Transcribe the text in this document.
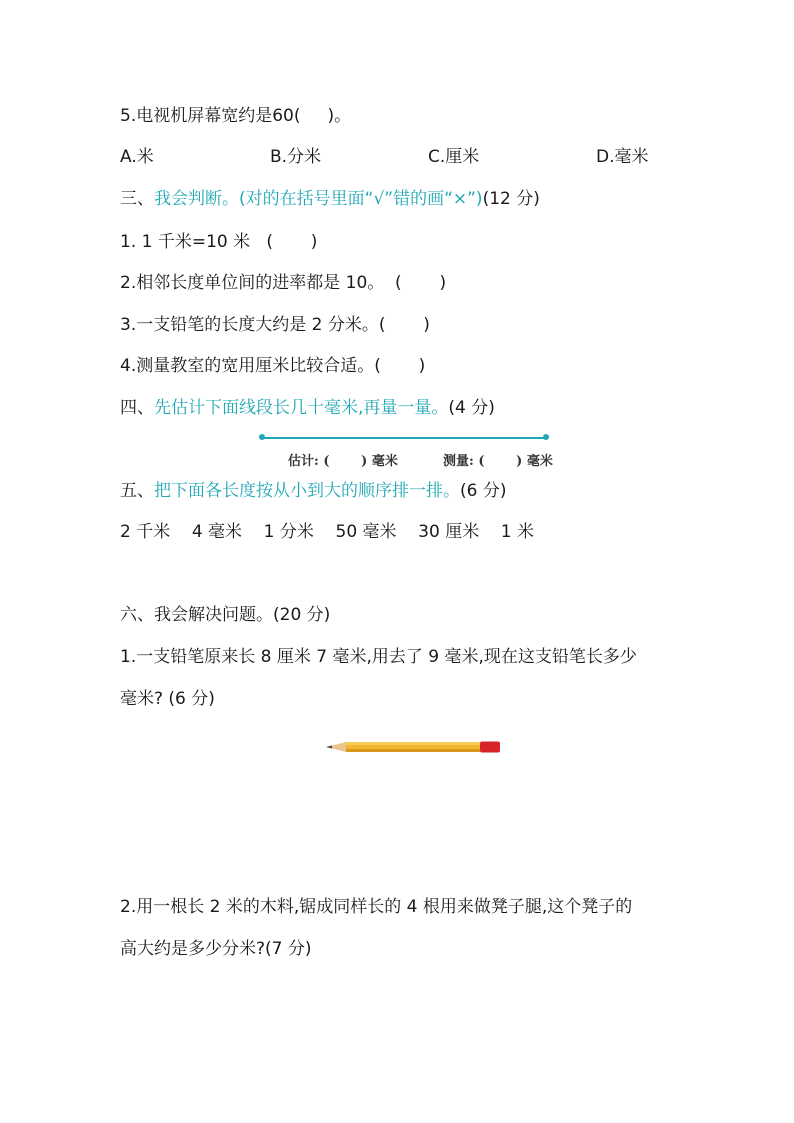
5.电视机屏幕宽约是60(     )。
A.米	B.分米	C.厘米	D.毫米
三、我会判断。(对的在括号里面“√”错的画“×”)(12 分)
1. 1 千米=10 米   (       )
2.相邻长度单位间的进率都是 10。  (       )
3.一支铅笔的长度大约是 2 分米。(       )
4.测量教室的宽用厘米比较合适。(       )
四、先估计下面线段长几十毫米,再量一量。(4 分)
估计: (       ) 毫米	测量: (       ) 毫米
五、把下面各长度按从小到大的顺序排一排。(6 分)
2 千米    4 毫米    1 分米    50 毫米    30 厘米    1 米
六、我会解决问题。(20 分)
1.一支铅笔原来长 8 厘米 7 毫米,用去了 9 毫米,现在这支铅笔长多少
毫米? (6 分)
2.用一根长 2 米的木料,锯成同样长的 4 根用来做凳子腿,这个凳子的
高大约是多少分米?(7 分)
